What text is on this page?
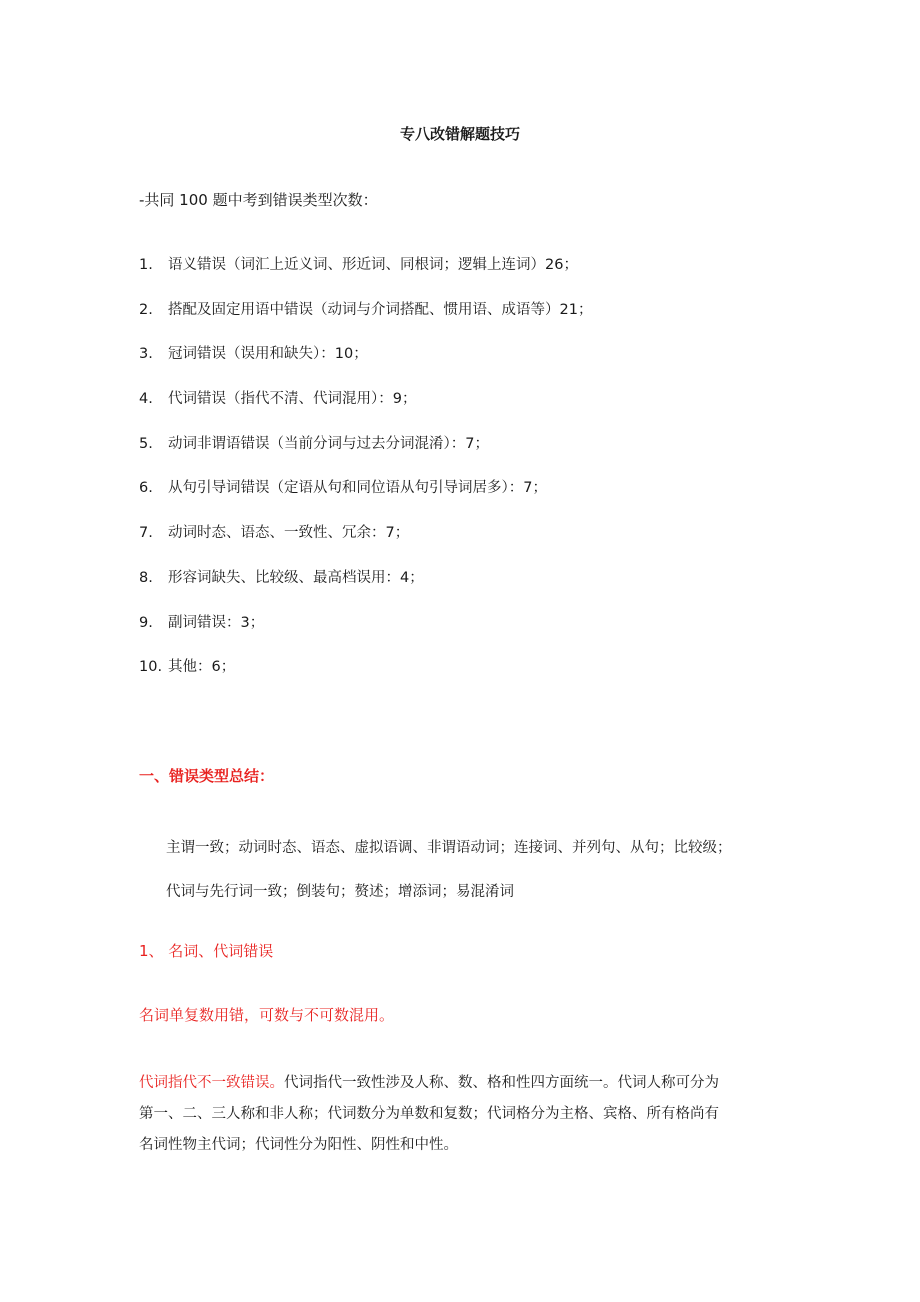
专八改错解题技巧
-共同 100 题中考到错误类型次数：
1.	语义错误（词汇上近义词、形近词、同根词；逻辑上连词）26；
2.	搭配及固定用语中错误（动词与介词搭配、惯用语、成语等）21；
3.	冠词错误（误用和缺失）：10；
4.	代词错误（指代不清、代词混用）：9；
5.	动词非谓语错误（当前分词与过去分词混淆）：7；
6.	从句引导词错误（定语从句和同位语从句引导词居多）：7；
7.	动词时态、语态、一致性、冗余：7；
8.	形容词缺失、比较级、最高档误用：4；
9.	副词错误：3；
10. 其他：6；
一、错误类型总结：

主谓一致；动词时态、语态、虚拟语调、非谓语动词；连接词、并列句、从句；比较级；

代词与先行词一致；倒装句；赘述；增添词；易混淆词

1、 名词、代词错误
名词单复数用错，可数与不可数混用。

代词指代不一致错误。代词指代一致性涉及人称、数、格和性四方面统一。代词人称可分为

第一、二、三人称和非人称；代词数分为单数和复数；代词格分为主格、宾格、所有格尚有

名词性物主代词；代词性分为阳性、阴性和中性。
